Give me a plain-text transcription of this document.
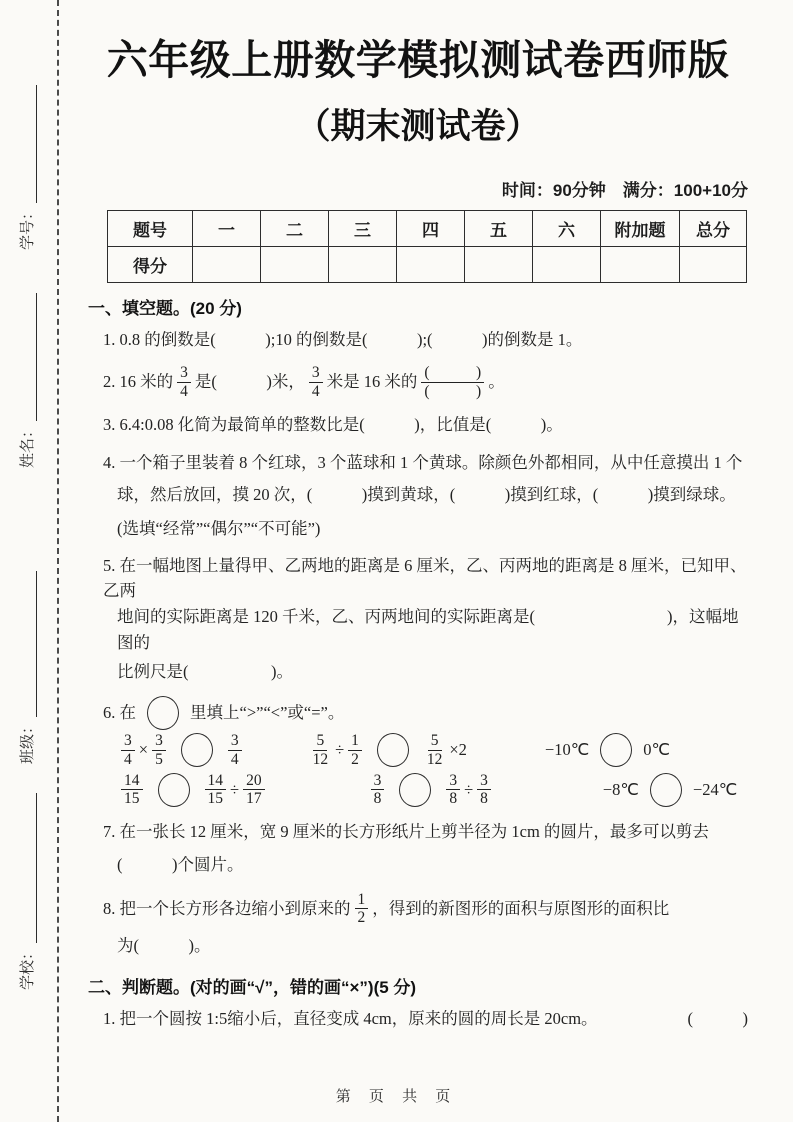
学号：
姓名：
班级：
学校：
六年级上册数学模拟测试卷西师版
（期末测试卷）
时间：90分钟　满分：100+10分
题号	一	二	三	四	五	六	附加题	总分
得分								
一、填空题。(20 分)
1. 0.8 的倒数是(　　　);10 的倒数是(　　　);(　　　)的倒数是 1。
2. 16 米的 $\frac{3}{4}$ 是(　　　)米， $\frac{3}{4}$ 米是 16 米的 $\frac{( )}{( )}$ 。
3. 6.4:0.08 化简为最简单的整数比是(　　　)，比值是(　　　)。
4. 一个箱子里装着 8 个红球，3 个蓝球和 1 个黄球。除颜色外都相同，从中任意摸出 1 个
球，然后放回，摸 20 次，(　　　)摸到黄球，(　　　)摸到红球，(　　　)摸到绿球。
(选填“经常”“偶尔”“不可能”)
5. 在一幅地图上量得甲、乙两地的距离是 6 厘米，乙、丙两地的距离是 8 厘米，已知甲、乙两
地间的实际距离是 120 千米，乙、丙两地间的实际距离是(　　　　　　　　)，这幅地图的
比例尺是(　　　　　)。
6. 在	里填上“>”“<”或“=”。
$\frac{3}{4} \times \frac{3}{5}$	$\frac{3}{4}$	$\frac{5}{12} \div \frac{1}{2}$	$\frac{5}{12} \times 2$	−10℃	0℃
$\frac{14}{15}$	$\frac{14}{15} \div \frac{20}{17}$	$\frac{3}{8}$	$\frac{3}{8} \div \frac{3}{8}$	−8℃	−24℃
7. 在一张长 12 厘米，宽 9 厘米的长方形纸片上剪半径为 1cm 的圆片，最多可以剪去
(　　　)个圆片。
8. 把一个长方形各边缩小到原来的 $\frac{1}{2}$ ，得到的新图形的面积与原图形的面积比
为(　　　)。
二、判断题。(对的画“√”，错的画“×”)(5 分)
1. 把一个圆按 1:5缩小后，直径变成 4cm，原来的圆的周长是 20cm。	(　　　)
第 页 共 页
